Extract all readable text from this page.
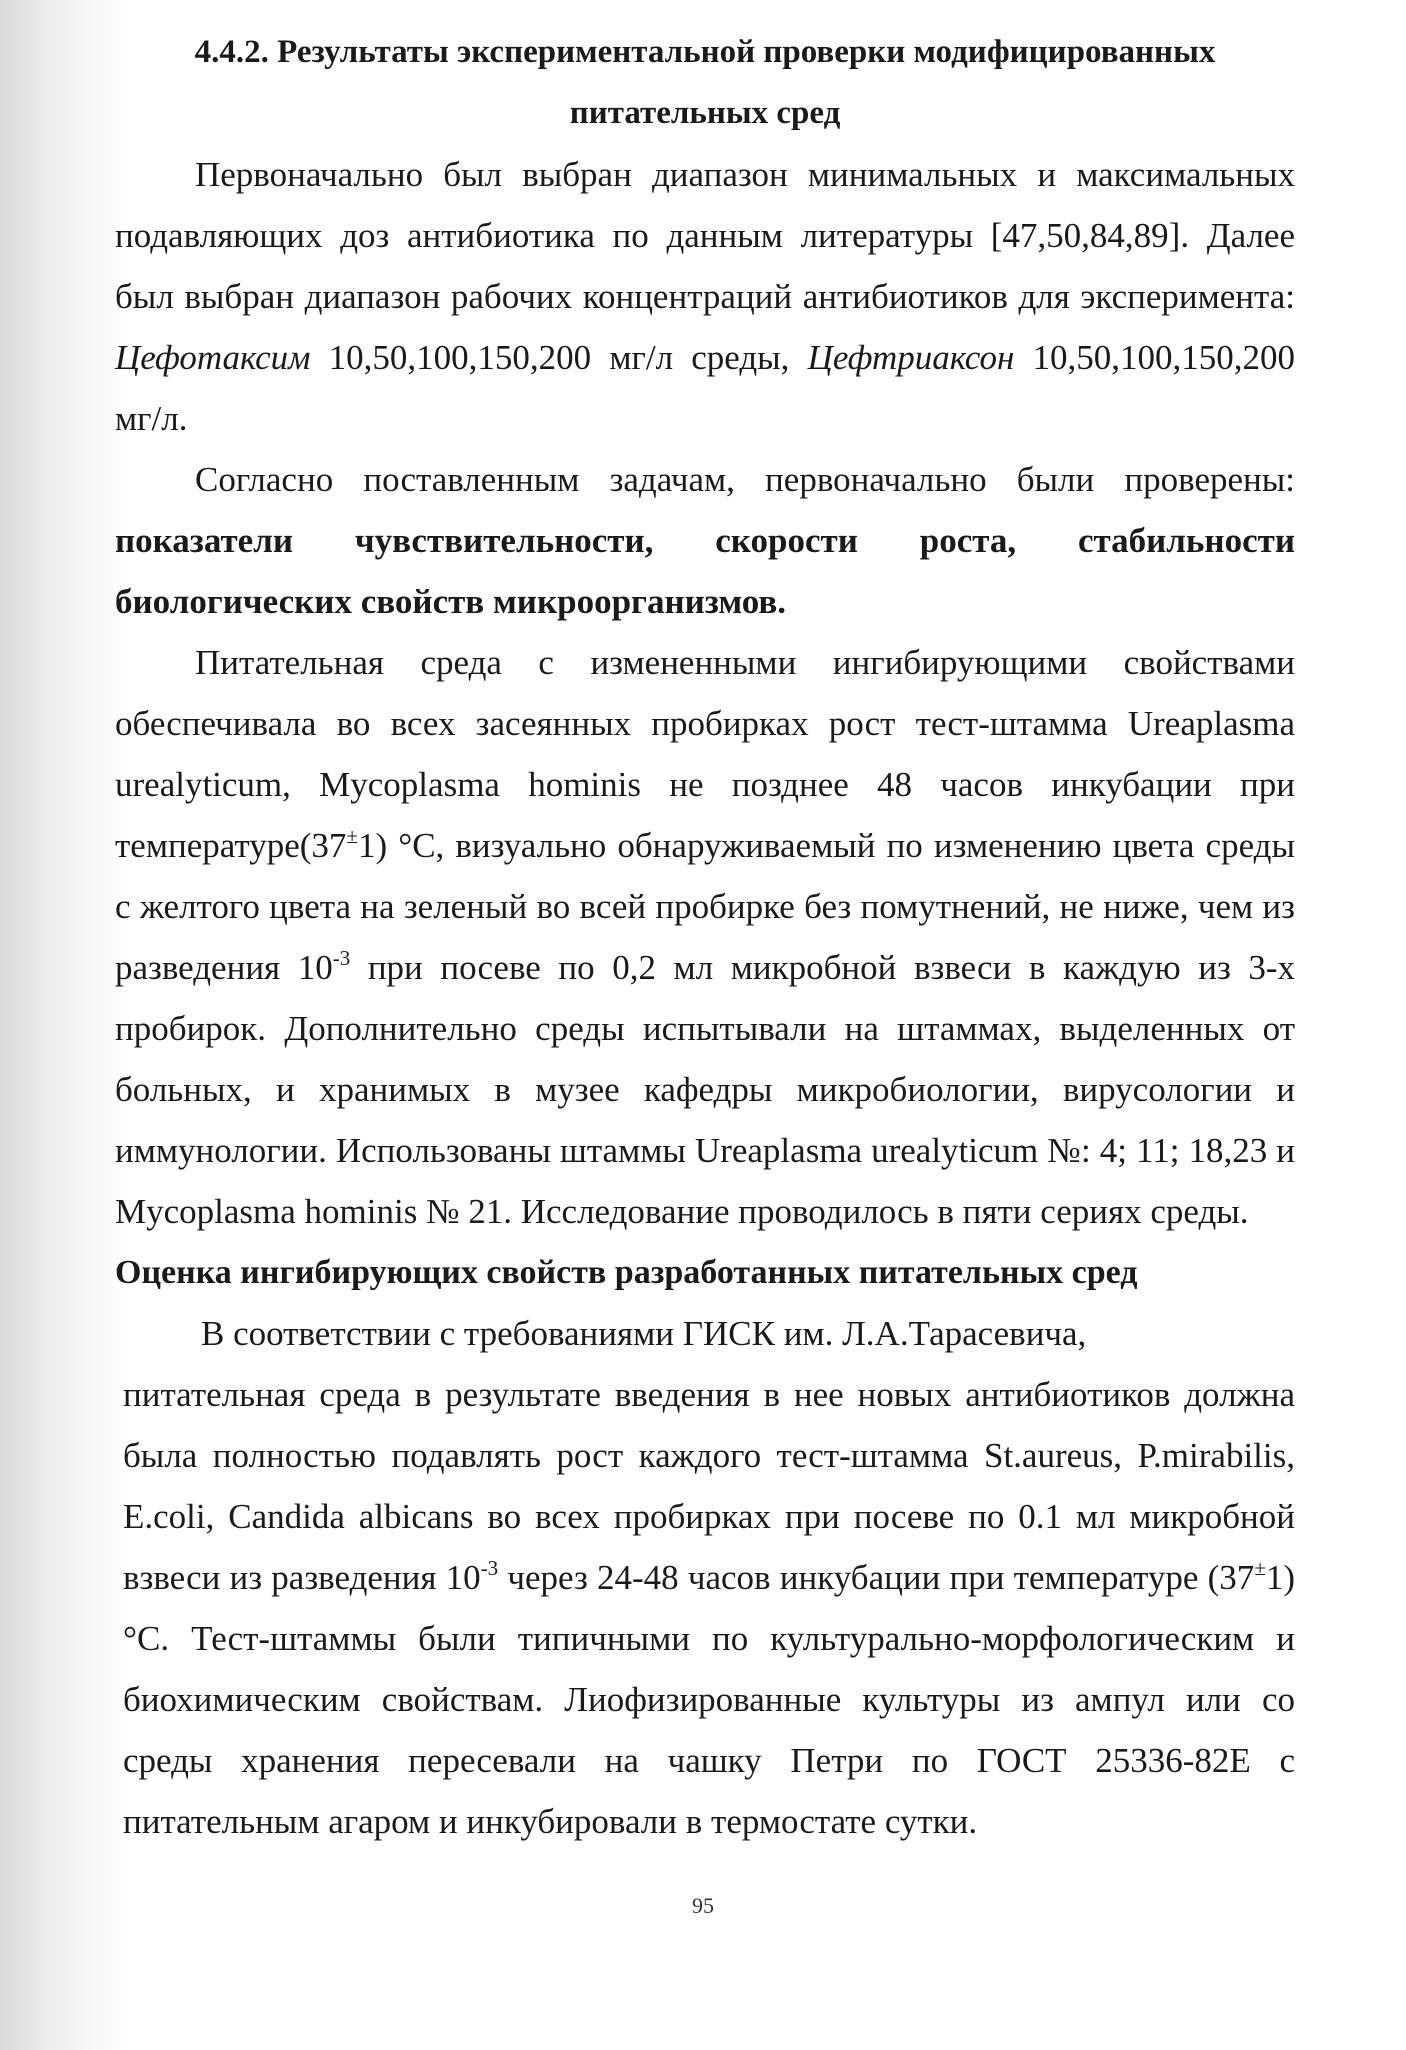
4.4.2. Результаты экспериментальной проверки модифицированных
питательных сред

Первоначально был выбран диапазон минимальных и максимальных подавляющих доз антибиотика по данным литературы [47,50,84,89]. Далее был выбран диапазон рабочих концентраций антибиотиков для эксперимента: Цефотаксим 10,50,100,150,200 мг/л среды, Цефтриаксон 10,50,100,150,200 мг/л.

Согласно поставленным задачам, первоначально были проверены: показатели чувствительности, скорости роста, стабильности биологических свойств микроорганизмов.

Питательная среда с измененными ингибирующими свойствами обеспечивала во всех засеянных пробирках рост тест-штамма Ureaplasma urealyticum, Mycoplasma hominis не позднее 48 часов инкубации при температуре(37±1) °С, визуально обнаруживаемый по изменению цвета среды с желтого цвета на зеленый во всей пробирке без помутнений, не ниже, чем из разведения $10^{-3}$ при посеве по 0,2 мл микробной взвеси в каждую из 3-х пробирок. Дополнительно среды испытывали на штаммах, выделенных от больных, и хранимых в музее кафедры микробиологии, вирусологии и иммунологии. Использованы штаммы Ureaplasma urealyticum №: 4; 11; 18,23 и Mycoplasma hominis № 21. Исследование проводилось в пяти сериях среды.

Оценка ингибирующих свойств разработанных питательных сред

В соответствии с требованиями ГИСК им. Л.А.Тарасевича,

питательная среда в результате введения в нее новых антибиотиков должна была полностью подавлять рост каждого тест-штамма St.aureus, P.mirabilis, E.coli, Candida albicans во всех пробирках при посеве по 0.1 мл микробной взвеси из разведения $10^{-3}$ через 24-48 часов инкубации при температуре (37±1) °С. Тест-штаммы были типичными по культурально-морфологическим и биохимическим свойствам. Лиофизированные культуры из ампул или со среды хранения пересевали на чашку Петри по ГОСТ 25336-82Е с питательным агаром и инкубировали в термостате сутки.

95
